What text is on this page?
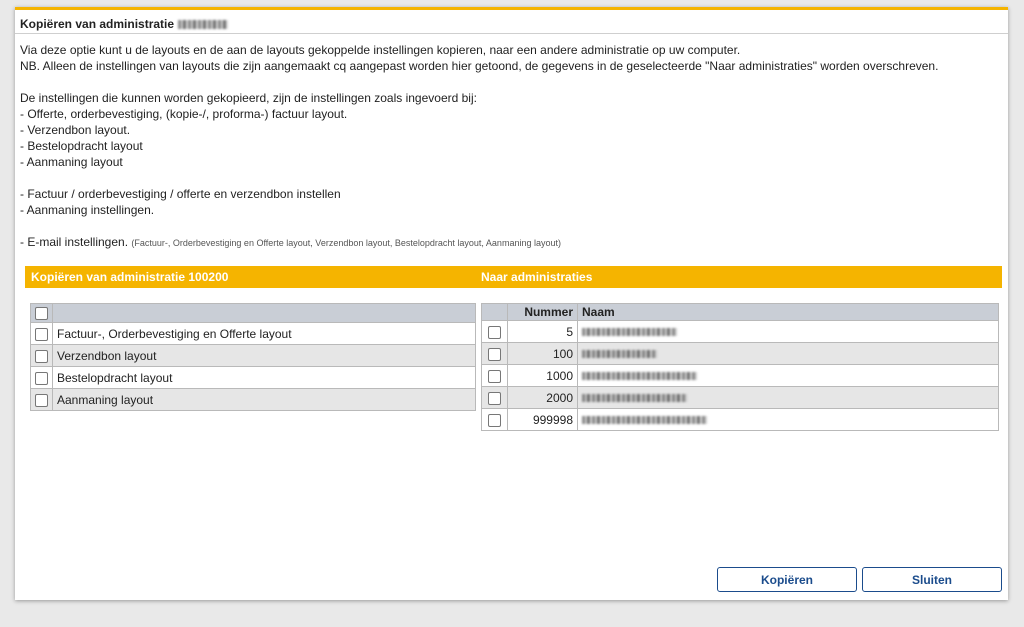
Kopiëren van administratie

Via deze optie kunt u de layouts en de aan de layouts gekoppelde instellingen kopieren, naar een andere administratie op uw computer.

NB. Alleen de instellingen van layouts die zijn aangemaakt cq aangepast worden hier getoond, de gegevens in de geselecteerde "Naar administraties" worden overschreven.

De instellingen die kunnen worden gekopieerd, zijn de instellingen zoals ingevoerd bij:

- Offerte, orderbevestiging, (kopie-/, proforma-) factuur layout.

- Verzendbon layout.

- Bestelopdracht layout

- Aanmaning layout

- Factuur / orderbevestiging / offerte en verzendbon instellen

- Aanmaning instellingen.

- E-mail instellingen. (Factuur-, Orderbevestiging en Offerte layout, Verzendbon layout, Bestelopdracht layout, Aanmaning layout)

Kopiëren van administratie 100200	Naar administraties

	Factuur-, Orderbevestiging en Offerte layout
	Verzendbon layout
	Bestelopdracht layout
	Aanmaning layout
	Nummer	Naam
	5	
	100	
	1000	
	2000	
	999998	
Kopiëren	Sluiten
